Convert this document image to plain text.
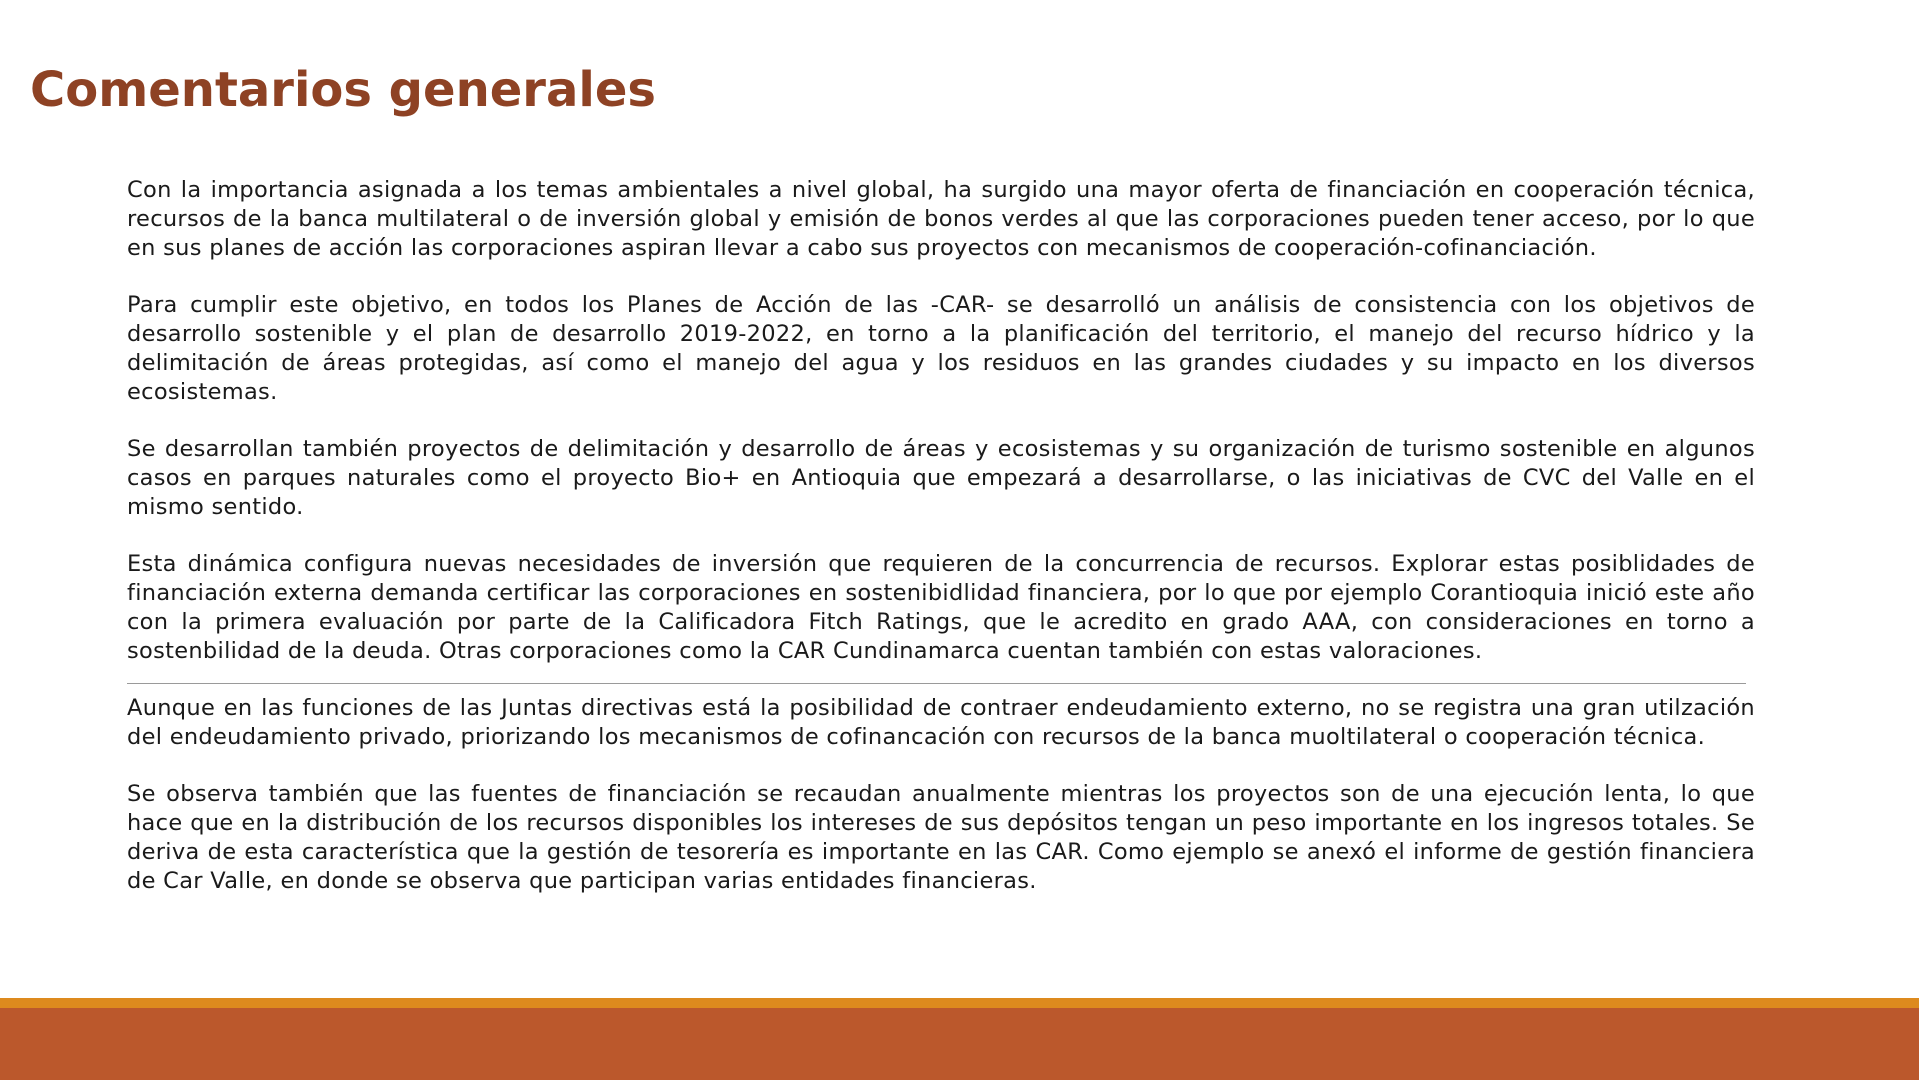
Comentarios generales

Con la importancia asignada a los temas ambientales a nivel global, ha surgido una mayor oferta de financiación en cooperación técnica, recursos de la banca multilateral o de inversión global y emisión de bonos verdes al que las corporaciones pueden tener acceso, por lo que en sus planes de acción las corporaciones aspiran llevar a cabo sus proyectos con mecanismos de cooperación-cofinanciación.

Para cumplir este objetivo, en todos los Planes de Acción de las -CAR- se desarrolló un análisis de consistencia con los objetivos de desarrollo sostenible y el plan de desarrollo 2019-2022, en torno a la planificación del territorio, el manejo del recurso hídrico y la delimitación de áreas protegidas, así como el manejo del agua y los residuos en las grandes ciudades y su impacto en los diversos ecosistemas.

Se desarrollan también proyectos de delimitación y desarrollo de áreas y ecosistemas y su organización de turismo sostenible en algunos casos en parques naturales como el proyecto Bio+ en Antioquia que empezará a desarrollarse, o las iniciativas de CVC del Valle en el mismo sentido.

Esta dinámica configura nuevas necesidades de inversión que requieren de la concurrencia de recursos. Explorar estas posiblidades de financiación externa demanda certificar las corporaciones en sostenibidlidad financiera, por lo que por ejemplo Corantioquia inició este año con la primera evaluación por parte de la Calificadora Fitch Ratings, que le acredito en grado AAA, con consideraciones en torno a sostenbilidad de la deuda. Otras corporaciones como la CAR Cundinamarca cuentan también con estas valoraciones.

Aunque en las funciones de las Juntas directivas está la posibilidad de contraer endeudamiento externo, no se registra una gran utilzación del endeudamiento privado, priorizando los mecanismos de cofinancación con recursos de la banca muoltilateral o cooperación técnica.

Se observa también que las fuentes de financiación se recaudan anualmente mientras los proyectos son de una ejecución lenta, lo que hace que en la distribución de los recursos disponibles los intereses de sus depósitos tengan un peso importante en los ingresos totales. Se deriva de esta característica que la gestión de tesorería es importante en las CAR. Como ejemplo se anexó el informe de gestión financiera de Car Valle, en donde se observa que participan varias entidades financieras.
